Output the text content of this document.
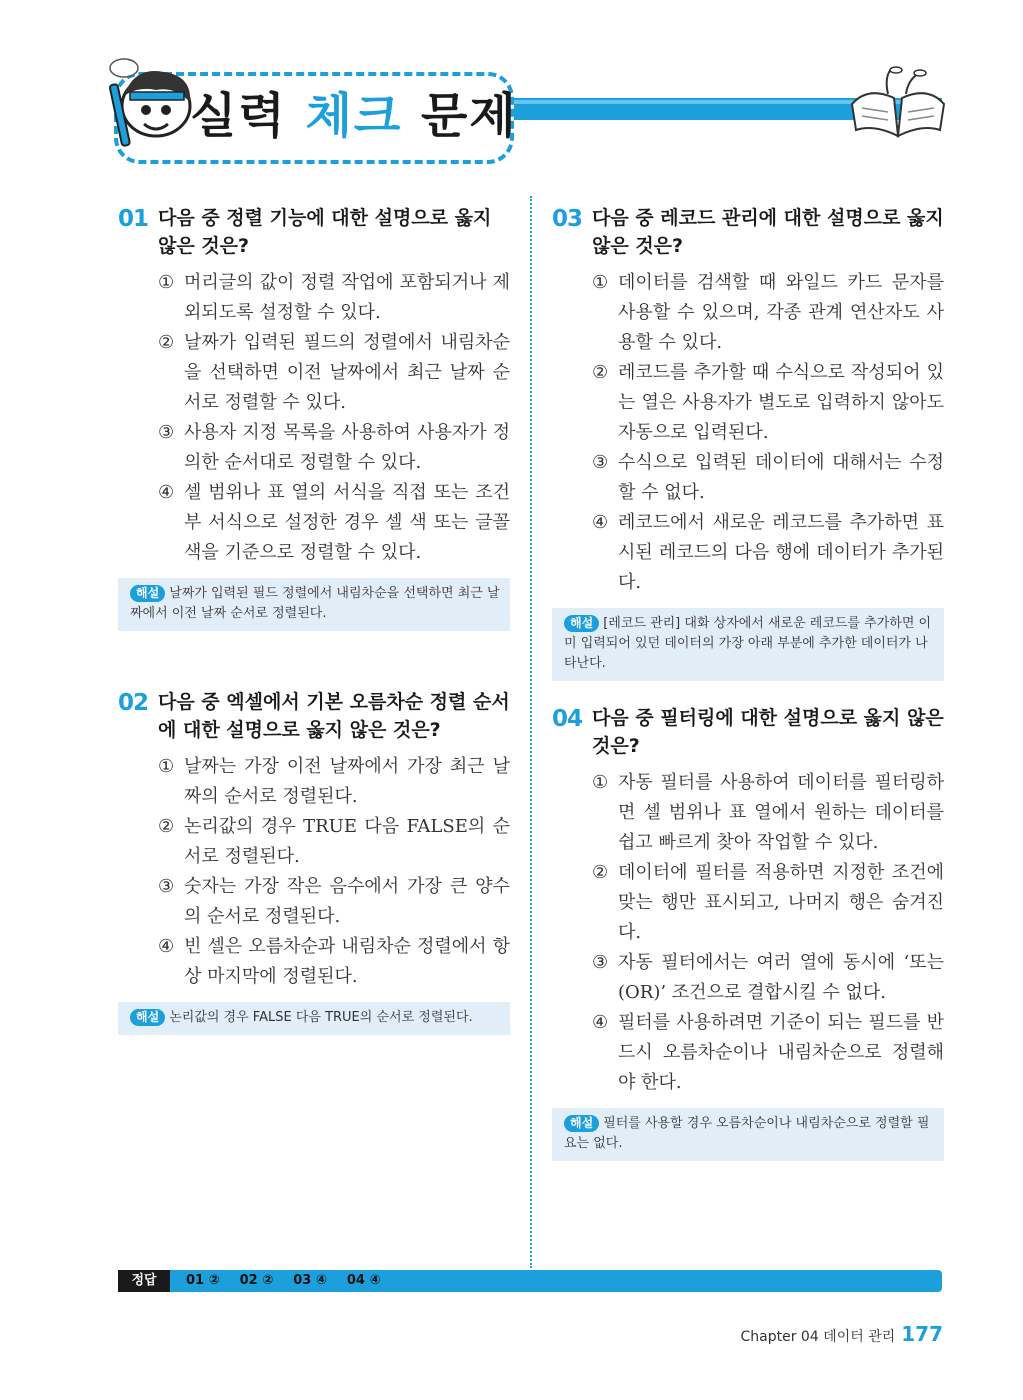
실력 체크 문제
01 다음 중 정렬 기능에 대한 설명으로 옳지 않은 것은?
① 머리글의 값이 정렬 작업에 포함되거나 제외되도록 설정할 수 있다.
② 날짜가 입력된 필드의 정렬에서 내림차순을 선택하면 이전 날짜에서 최근 날짜 순서로 정렬할 수 있다.
③ 사용자 지정 목록을 사용하여 사용자가 정의한 순서대로 정렬할 수 있다.
④ 셀 범위나 표 열의 서식을 직접 또는 조건부 서식으로 설정한 경우 셀 색 또는 글꼴 색을 기준으로 정렬할 수 있다.
해설 날짜가 입력된 필드 정렬에서 내림차순을 선택하면 최근 날짜에서 이전 날짜 순서로 정렬된다.
02 다음 중 엑셀에서 기본 오름차순 정렬 순서에 대한 설명으로 옳지 않은 것은?
① 날짜는 가장 이전 날짜에서 가장 최근 날짜의 순서로 정렬된다.
② 논리값의 경우 TRUE 다음 FALSE의 순서로 정렬된다.
③ 숫자는 가장 작은 음수에서 가장 큰 양수의 순서로 정렬된다.
④ 빈 셀은 오름차순과 내림차순 정렬에서 항상 마지막에 정렬된다.
해설 논리값의 경우 FALSE 다음 TRUE의 순서로 정렬된다.
03 다음 중 레코드 관리에 대한 설명으로 옳지 않은 것은?
① 데이터를 검색할 때 와일드 카드 문자를 사용할 수 있으며, 각종 관계 연산자도 사용할 수 있다.
② 레코드를 추가할 때 수식으로 작성되어 있는 열은 사용자가 별도로 입력하지 않아도 자동으로 입력된다.
③ 수식으로 입력된 데이터에 대해서는 수정할 수 없다.
④ 레코드에서 새로운 레코드를 추가하면 표시된 레코드의 다음 행에 데이터가 추가된다.
해설 [레코드 관리] 대화 상자에서 새로운 레코드를 추가하면 이미 입력되어 있던 데이터의 가장 아래 부분에 추가한 데이터가 나타난다.
04 다음 중 필터링에 대한 설명으로 옳지 않은 것은?
① 자동 필터를 사용하여 데이터를 필터링하면 셀 범위나 표 열에서 원하는 데이터를 쉽고 빠르게 찾아 작업할 수 있다.
② 데이터에 필터를 적용하면 지정한 조건에 맞는 행만 표시되고, 나머지 행은 숨겨진다.
③ 자동 필터에서는 여러 열에 동시에 ‘또는(OR)’ 조건으로 결합시킬 수 없다.
④ 필터를 사용하려면 기준이 되는 필드를 반드시 오름차순이나 내림차순으로 정렬해야 한다.
해설 필터를 사용할 경우 오름차순이나 내림차순으로 정렬할 필요는 없다.
정답	01 ② 02 ② 03 ④ 04 ④
Chapter 04 데이터 관리 177
